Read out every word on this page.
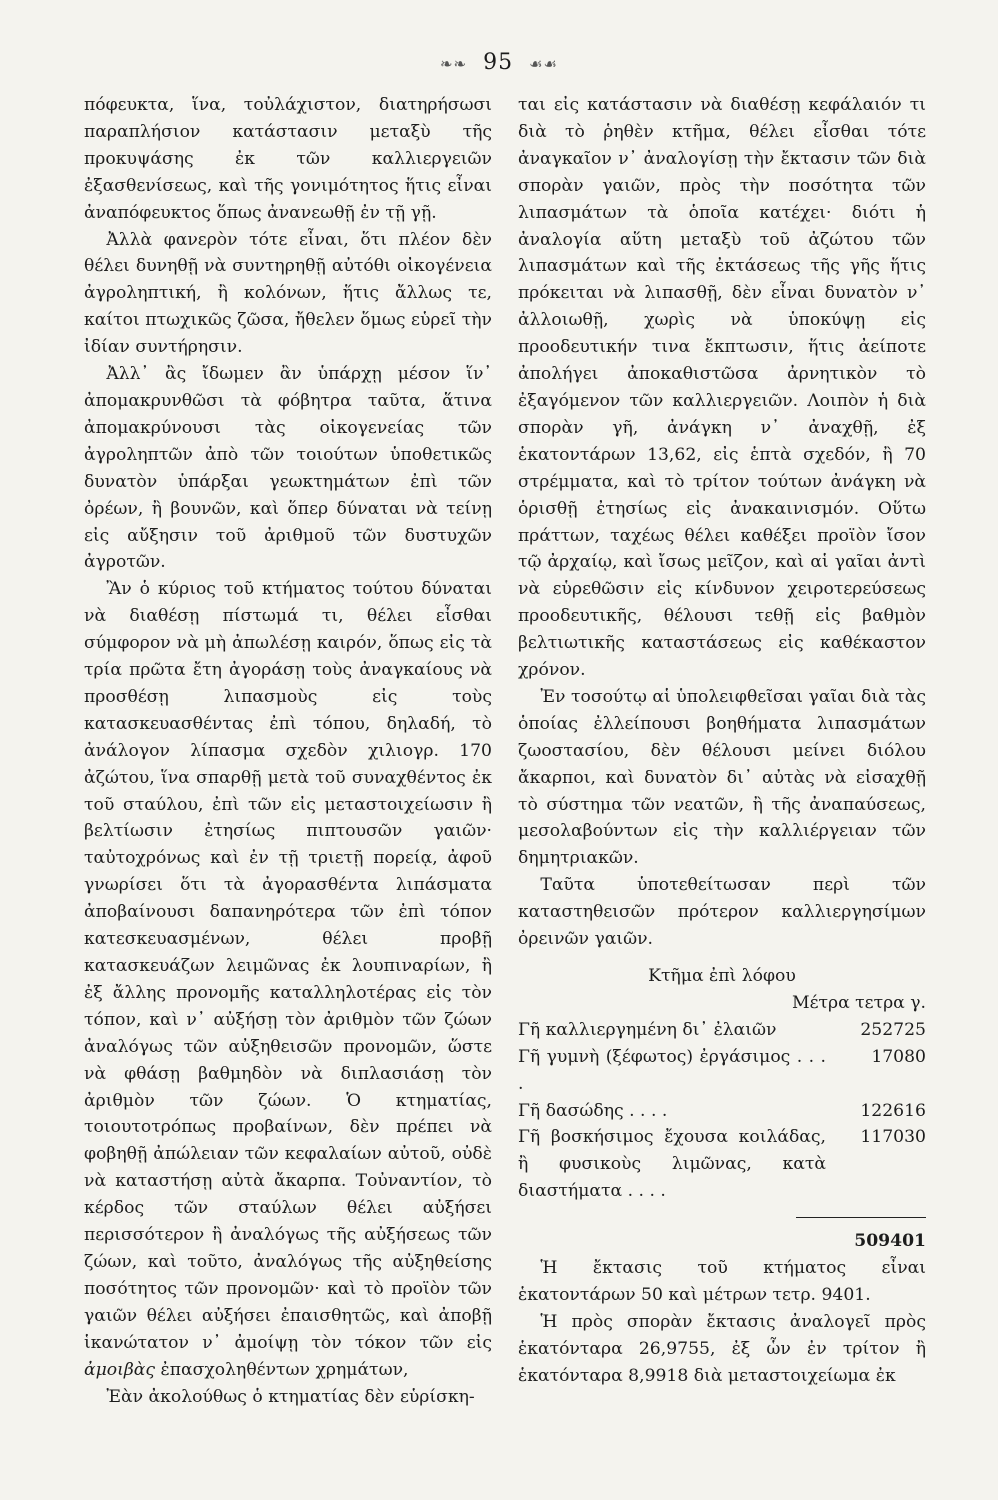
❧❧ 95 ☙☙

πόφευκτα, ἵνα, τοὐλάχιστον, διατηρήσωσι παραπλήσιον κατάστασιν μεταξὺ τῆς προκυψάσης ἐκ τῶν καλλιεργειῶν ἐξασθενίσεως, καὶ τῆς γονιμότητος ἥτις εἶναι ἀναπόφευκτος ὅπως ἀνανεωθῇ ἐν τῇ γῇ.

Ἀλλὰ φανερὸν τότε εἶναι, ὅτι πλέον δὲν θέλει δυνηθῇ νὰ συντηρηθῇ αὐτόθι οἰκογένεια ἀγροληπτική, ἢ κολόνων, ἥτις ἄλλως τε, καίτοι πτωχικῶς ζῶσα, ἤθελεν ὅμως εὑρεῖ τὴν ἰδίαν συντήρησιν.

Ἀλλ᾽ ἂς ἴδωμεν ἂν ὑπάρχῃ μέσον ἵν᾽ ἀπομακρυνθῶσι τὰ φόβητρα ταῦτα, ἅτινα ἀπομακρύνουσι τὰς οἰκογενείας τῶν ἀγροληπτῶν ἀπὸ τῶν τοιούτων ὑποθετικῶς δυνατὸν ὑπάρξαι γεωκτημάτων ἐπὶ τῶν ὀρέων, ἢ βουνῶν, καὶ ὅπερ δύναται νὰ τείνῃ εἰς αὔξησιν τοῦ ἀριθμοῦ τῶν δυστυχῶν ἀγροτῶν.

Ἂν ὁ κύριος τοῦ κτήματος τούτου δύναται νὰ διαθέσῃ πίστωμά τι, θέλει εἶσθαι σύμφορον νὰ μὴ ἀπωλέσῃ καιρόν, ὅπως εἰς τὰ τρία πρῶτα ἔτη ἀγοράσῃ τοὺς ἀναγκαίους νὰ προσθέσῃ λιπασμοὺς εἰς τοὺς κατασκευασθέντας ἐπὶ τόπου, δηλαδή, τὸ ἀνάλογον λίπασμα σχεδὸν χιλιογρ. 170 ἀζώτου, ἵνα σπαρθῇ μετὰ τοῦ συναχθέντος ἐκ τοῦ σταύλου, ἐπὶ τῶν εἰς μεταστοιχείωσιν ἢ βελτίωσιν ἐτησίως πιπτουσῶν γαιῶν· ταὐτοχρόνως καὶ ἐν τῇ τριετῇ πορείᾳ, ἀφοῦ γνωρίσει ὅτι τὰ ἀγορασθέντα λιπάσματα ἀποβαίνουσι δαπανηρότερα τῶν ἐπὶ τόπον κατεσκευασμένων, θέλει προβῇ κατασκευάζων λειμῶνας ἐκ λουπιναρίων, ἢ ἐξ ἄλλης προνομῆς καταλληλοτέρας εἰς τὸν τόπον, καὶ ν᾽ αὐξήσῃ τὸν ἀριθμὸν τῶν ζώων ἀναλόγως τῶν αὐξηθεισῶν προνομῶν, ὥστε νὰ φθάσῃ βαθμηδὸν νὰ διπλασιάσῃ τὸν ἀριθμὸν τῶν ζώων. Ὁ κτηματίας, τοιουτοτρόπως προβαίνων, δὲν πρέπει νὰ φοβηθῇ ἀπώλειαν τῶν κεφαλαίων αὐτοῦ, οὐδὲ νὰ καταστήσῃ αὐτὰ ἄκαρπα. Τοὐναντίον, τὸ κέρδος τῶν σταύλων θέλει αὐξήσει περισσότερον ἢ ἀναλόγως τῆς αὐξήσεως τῶν ζώων, καὶ τοῦτο, ἀναλόγως τῆς αὐξηθείσης ποσότητος τῶν προνομῶν· καὶ τὸ προϊὸν τῶν γαιῶν θέλει αὐξήσει ἐπαισθητῶς, καὶ ἀποβῇ ἱκανώτατον ν᾽ ἀμοίψῃ τὸν τόκον τῶν εἰς ἀμοιβὰς ἐπασχοληθέντων χρημάτων,

Ἐὰν ἀκολούθως ὁ κτηματίας δὲν εὑρίσκη-

ται εἰς κατάστασιν νὰ διαθέσῃ κεφάλαιόν τι διὰ τὸ ῥηθὲν κτῆμα, θέλει εἶσθαι τότε ἀναγκαῖον ν᾽ ἀναλογίσῃ τὴν ἔκτασιν τῶν διὰ σπορὰν γαιῶν, πρὸς τὴν ποσότητα τῶν λιπασμάτων τὰ ὁποῖα κατέχει· διότι ἡ ἀναλογία αὕτη μεταξὺ τοῦ ἀζώτου τῶν λιπασμάτων καὶ τῆς ἐκτάσεως τῆς γῆς ἥτις πρόκειται νὰ λιπασθῇ, δὲν εἶναι δυνατὸν ν᾽ ἀλλοιωθῇ, χωρὶς νὰ ὑποκύψῃ εἰς προοδευτικήν τινα ἔκπτωσιν, ἥτις ἀείποτε ἀπολήγει ἀποκαθιστῶσα ἀρνητικὸν τὸ ἐξαγόμενον τῶν καλλιεργειῶν. Λοιπὸν ἡ διὰ σπορὰν γῆ, ἀνάγκη ν᾽ ἀναχθῇ, ἐξ ἑκατοντάρων 13,62, εἰς ἑπτὰ σχεδόν, ἢ 70 στρέμματα, καὶ τὸ τρίτον τούτων ἀνάγκη νὰ ὁρισθῇ ἐτησίως εἰς ἀνακαινισμόν. Οὕτω πράττων, ταχέως θέλει καθέξει προϊὸν ἴσον τῷ ἀρχαίῳ, καὶ ἴσως μεῖζον, καὶ αἱ γαῖαι ἀντὶ νὰ εὑρεθῶσιν εἰς κίνδυνον χειροτερεύσεως προοδευτικῆς, θέλουσι τεθῇ εἰς βαθμὸν βελτιωτικῆς καταστάσεως εἰς καθέκαστον χρόνον.

Ἐν τοσούτῳ αἱ ὑπολειφθεῖσαι γαῖαι διὰ τὰς ὁποίας ἐλλείπουσι βοηθήματα λιπασμάτων ζωοστασίου, δὲν θέλουσι μείνει διόλου ἄκαρποι, καὶ δυνατὸν δι᾽ αὐτὰς νὰ εἰσαχθῇ τὸ σύστημα τῶν νεατῶν, ἢ τῆς ἀναπαύσεως, μεσολαβούντων εἰς τὴν καλλιέργειαν τῶν δημητριακῶν.

Ταῦτα ὑποτεθείτωσαν περὶ τῶν καταστηθεισῶν πρότερον καλλιεργησίμων ὀρεινῶν γαιῶν.

Κτῆμα ἐπὶ λόφου

Μέτρα τετρα γ.

Γῆ καλλιεργημένη δι᾽ ἐλαιῶν	252725
Γῆ γυμνὴ (ξέφωτος) ἐργάσιμος .	17080
Γῆ δασώδης .	122616
Γῆ βοσκήσιμος ἔχουσα κοιλάδας, ἢ φυσικοὺς λιμῶνας, κατὰ διαστήματα .
117030

509401

Ἡ ἔκτασις τοῦ κτήματος εἶναι ἑκατοντάρων 50 καὶ μέτρων τετρ. 9401.

Ἡ πρὸς σπορὰν ἔκτασις ἀναλογεῖ πρὸς ἑκατόνταρα 26,9755, ἐξ ὧν ἐν τρίτον ἢ ἑκατόνταρα 8,9918 διὰ μεταστοιχείωμα ἐκ
